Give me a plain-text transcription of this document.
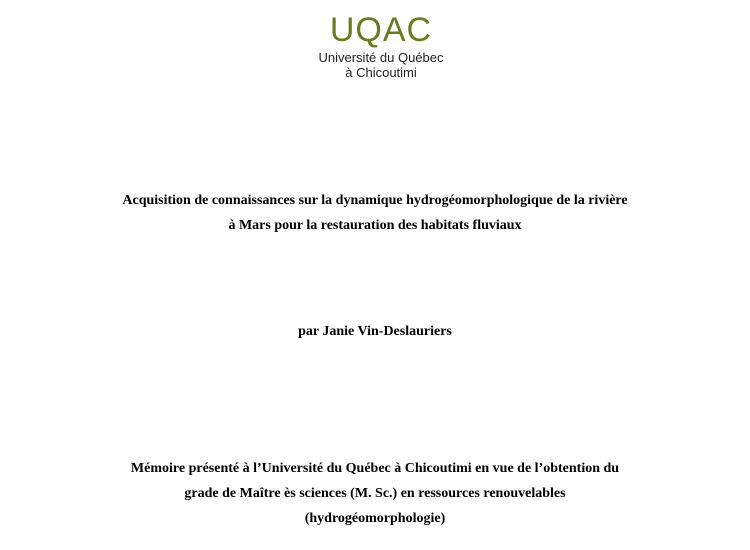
UQAC
Université du Québec
à Chicoutimi
Acquisition de connaissances sur la dynamique hydrogéomorphologique de la rivière
à Mars pour la restauration des habitats fluviaux
par Janie Vin-Deslauriers
Mémoire présenté à l’Université du Québec à Chicoutimi en vue de l’obtention du
grade de Maître ès sciences (M. Sc.) en ressources renouvelables
(hydrogéomorphologie)
